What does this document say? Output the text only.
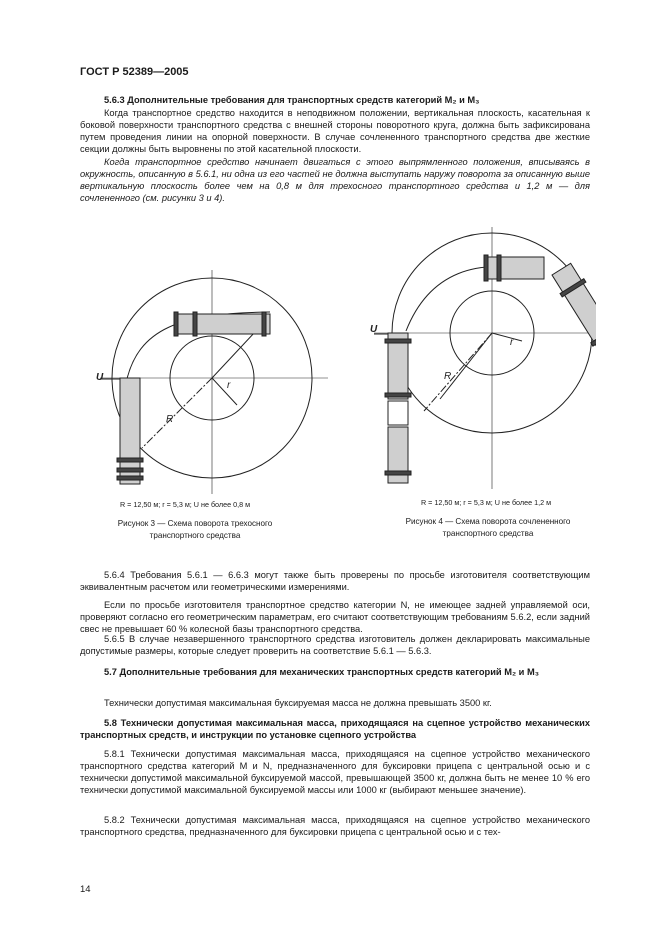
ГОСТ Р 52389—2005
5.6.3 Дополнительные требования для транспортных средств категорий M₂ и M₃
Когда транспортное средство находится в неподвижном положении, вертикальная плоскость, касательная к боковой поверхности транспортного средства с внешней стороны поворотного круга, должна быть зафиксирована путем проведения линии на опорной поверхности. В случае сочлененного транспортного средства две жесткие секции должны быть выровнены по этой касательной плоскости.
Когда транспортное средство начинает двигаться с этого выпрямленного положения, вписываясь в окружность, описанную в 5.6.1, ни одна из его частей не должна выступать наружу поворота за описанную выше вертикальную плоскость более чем на 0,8 м для трехосного транспортного средства и 1,2 м — для сочлененного (см. рисунки 3 и 4).
U
R
r
R = 12,50 м; r = 5,3 м; U не более 0,8 м
Рисунок 3 — Схема поворота трехосного
транспортного средства
U
R
r
R = 12,50 м; r = 5,3 м; U не более 1,2 м
Рисунок 4 — Схема поворота сочлененного
транспортного средства
5.6.4 Требования 5.6.1 — 6.6.3 могут также быть проверены по просьбе изготовителя соответствующим эквивалентным расчетом или геометрическими измерениями.
Если по просьбе изготовителя транспортное средство категории N, не имеющее задней управляемой оси, проверяют согласно его геометрическим параметрам, его считают соответствующим требованиям 5.6.2, если задний свес не превышает 60 % колесной базы транспортного средства.
5.6.5 В случае незавершенного транспортного средства изготовитель должен декларировать максимальные допустимые размеры, которые следует проверить на соответствие 5.6.1 — 5.6.3.
5.7 Дополнительные требования для механических транспортных средств категорий M₂ и M₃
Технически допустимая максимальная буксируемая масса не должна превышать 3500 кг.
5.8 Технически допустимая максимальная масса, приходящаяся на сцепное устройство механических транспортных средств, и инструкции по установке сцепного устройства
5.8.1 Технически допустимая максимальная масса, приходящаяся на сцепное устройство механического транспортного средства категорий M и N, предназначенного для буксировки прицепа с центральной осью и с технически допустимой максимальной буксируемой массой, превышающей 3500 кг, должна быть не менее 10 % его технически допустимой максимальной буксируемой массы или 1000 кг (выбирают меньшее значение).
5.8.2 Технически допустимая максимальная масса, приходящаяся на сцепное устройство механического транспортного средства, предназначенного для буксировки прицепа с центральной осью и с тех-
14
